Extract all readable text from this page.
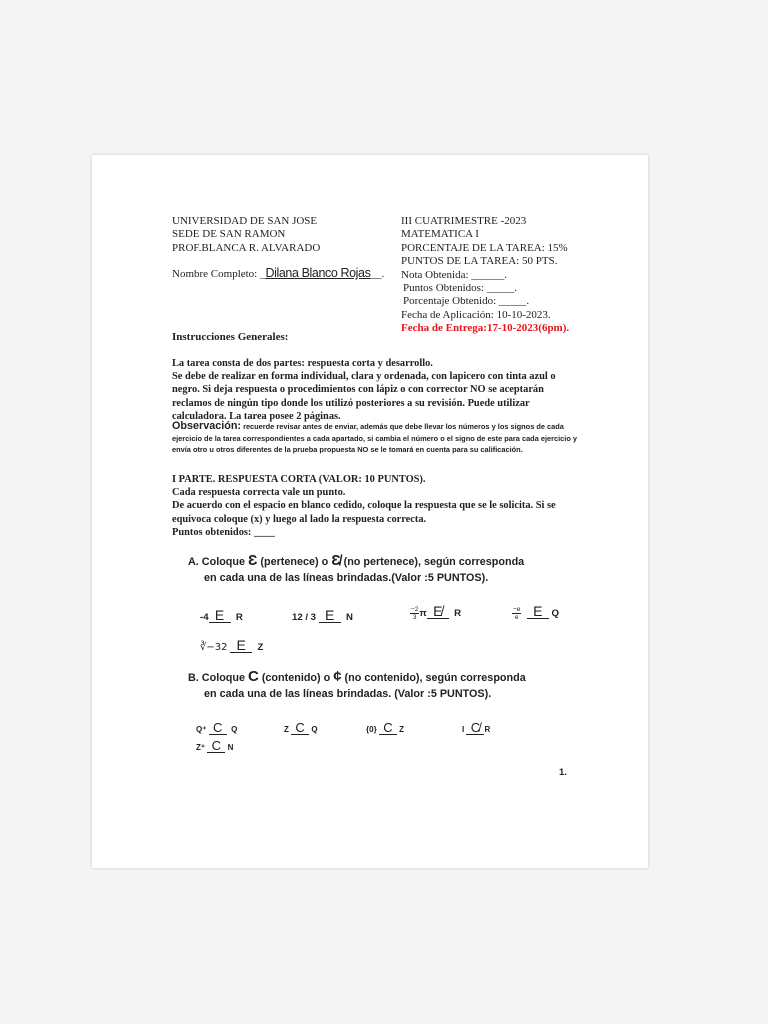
UNIVERSIDAD DE SAN JOSE
SEDE DE SAN RAMON
PROF.BLANCA R. ALVARADO
III CUATRIMESTRE -2023
MATEMATICA I
PORCENTAJE DE LA TAREA: 15%
PUNTOS DE LA TAREA: 50 PTS.
Nota Obtenida: ______.
Puntos Obtenidos: _____.
Porcentaje Obtenido: _____.
Fecha de Aplicación: 10-10-2023.
Fecha de Entrega:17-10-2023(6pm).
Nombre Completo: _Dilana Blanco Rojas__.
Instrucciones Generales:
La tarea consta de dos partes: respuesta corta y desarrollo.
Se debe de realizar en forma individual, clara y ordenada, con lapicero con tinta azul o negro. Si deja respuesta o procedimientos con lápiz o con corrector NO se aceptarán reclamos de ningún tipo donde los utilizó posteriores a su revisión. Puede utilizar calculadora. La tarea posee 2 páginas.
Observación: recuerde revisar antes de enviar, además que debe llevar los números y los signos de cada ejercicio de la tarea correspondientes a cada apartado, si cambia el número o el signo de este para cada ejercicio y envía otro u otros diferentes de la prueba propuesta NO se le tomará en cuenta para su calificación.
I PARTE. RESPUESTA CORTA (VALOR: 10 PUNTOS).
Cada respuesta correcta vale un punto.
De acuerdo con el espacio en blanco cedido, coloque la respuesta que se le solicita. Si se equivoca coloque (x) y luego al lado la respuesta correcta.
Puntos obtenidos: ____
A. Coloque Ɛ (pertenece) o Ɛ̸ (no pertenece), según corresponda
en cada una de las líneas brindadas.(Valor :5 PUNTOS).
-4 E R	12 / 3 E N	$\frac{-2}{3}$ π E̸ R	$\frac{-e}{e}$ E Q
∛−32 E Z
B. Coloque C (contenido) o ¢ (no contenido), según corresponda
en cada una de las líneas brindadas. (Valor :5 PUNTOS).
Q⁺ C Q	Z C Q	{0} C Z	I C̸ R
Z⁺ C N
1.
